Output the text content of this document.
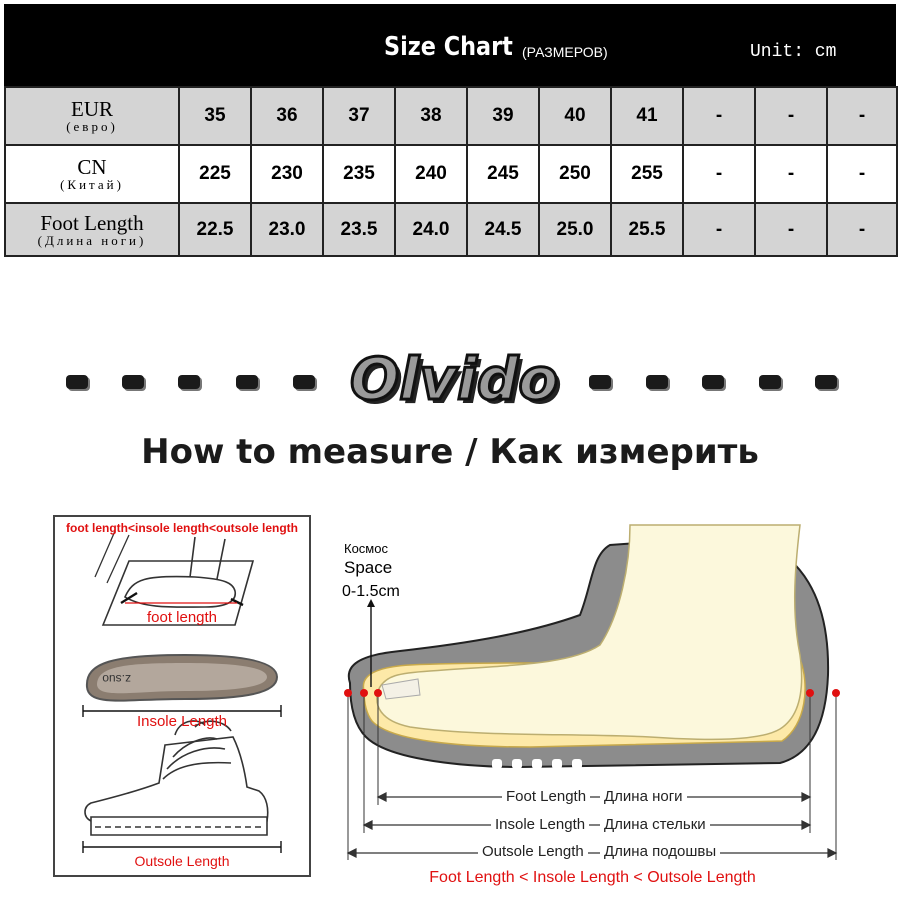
Size Chart (РАЗМЕРОВ)	Unit: cm
EUR
(евро)	35	36	37	38	39	40	41	-	-	-

CN
(Китай)	225	230	235	240	245	250	255	-	-	-

Foot Length
(Длина ноги)	22.5	23.0	23.5	24.0	24.5	25.0	25.5	-	-	-
Olvido
How to measure / Как измерить
z.suo
foot length<insole length<outsole length
foot length
Insole Length
Outsole Length
Космос
Space
0-1.5cm
Foot Length Длина ноги
Insole Length Длина стельки
Outsole Length Длина подошвы
Foot Length < Insole Length < Outsole Length
